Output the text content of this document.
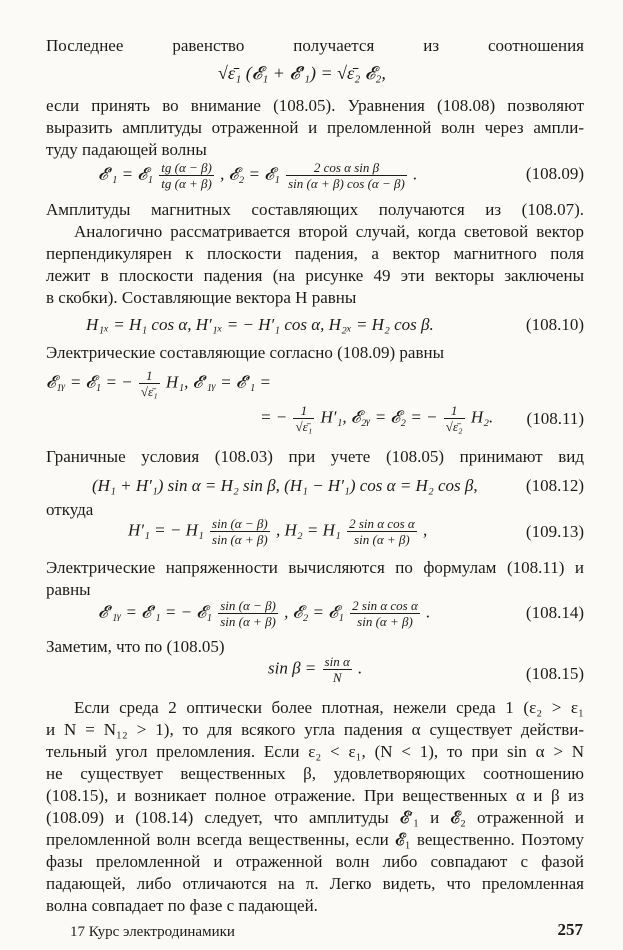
Последнее равенство получается из соотношения
√ε̄₁ (𝓔₁ + 𝓔′₁) = √ε̄₂ 𝓔₂,
если принять во внимание (108.05). Уравнения (108.08) позволяют
выразить амплитуды отраженной и преломленной волн через ампли-
туду падающей волны
𝓔′₁ = 𝓔₁ $\frac{tg (\alpha - \beta)}{tg (\alpha + \beta)}$ , 𝓔₂ = 𝓔₁ $\frac{\text{2 cos α sin β}}{\sin (\alpha + \beta) \cos (\alpha - \beta)}$ .	(108.09)
Амплитуды магнитных составляющих получаются из (108.07).
Аналогично рассматривается второй случай, когда световой вектор
перпендикулярен к плоскости падения, а вектор магнитного поля
лежит в плоскости падения (на рисунке 49 эти векторы заключены
в скобки). Составляющие вектора H равны
H₁ₓ = H₁ cos α, H′₁ₓ = − H′₁ cos α, H₂ₓ = H₂ cos β.	(108.10)
Электрические составляющие согласно (108.09) равны
𝓔₁ᵧ = 𝓔₁ = − $\frac{1}{\text{√ε̄₁}} H_1$, 𝓔′₁ᵧ = 𝓔′₁ =
= − $\frac{1}{\text{√ε̄₁}} H'_1$, 𝓔₂ᵧ = 𝓔₂ = − $\frac{1}{\text{√ε̄₂}} H_2$. (108.11)
Граничные условия (108.03) при учете (108.05) принимают вид
(H₁ + H′₁) sin α = H₂ sin β, (H₁ − H′₁) cos α = H₂ cos β,	(108.12)
откуда
H′₁ = − $H_1 \frac{\sin (\alpha - \beta)}{\sin (\alpha + \beta)}$ , $H_2 = H_1 \frac{\text{2 sin α cos α}}{\sin (\alpha + \beta)}$ ,	(109.13)
Электрические напряженности вычисляются по формулам (108.11) и
равны
𝓔′₁ᵧ = 𝓔′₁ = − 𝓔₁ $\frac{\sin (\alpha - \beta)}{\sin (\alpha + \beta)}$ , 𝓔₂ = 𝓔₁ $\frac{\text{2 sin α cos α}}{\sin (\alpha + \beta)}$ .	(108.14)
Заметим, что по (108.05)
$\sin \beta = \frac{\text{sin α}}{N}$ .	(108.15)
Если среда 2 оптически более плотная, нежели среда 1 (ε₂ > ε₁
и N = N₁₂ > 1), то для всякого угла падения α существует действи-
тельный угол преломления. Если ε₂ < ε₁, (N < 1), то при sin α > N
не существует вещественных β, удовлетворяющих соотношению
(108.15), и возникает полное отражение. При вещественных α и β из
(108.09) и (108.14) следует, что амплитуды 𝓔′₁ и 𝓔₂ отраженной и
преломленной волн всегда вещественны, если 𝓔₁ вещественно. Поэтому
фазы преломленной и отраженной волн либо совпадают с фазой
падающей, либо отличаются на π. Легко видеть, что преломленная
волна совпадает по фазе с падающей.
17 Курс электродинамики	257
